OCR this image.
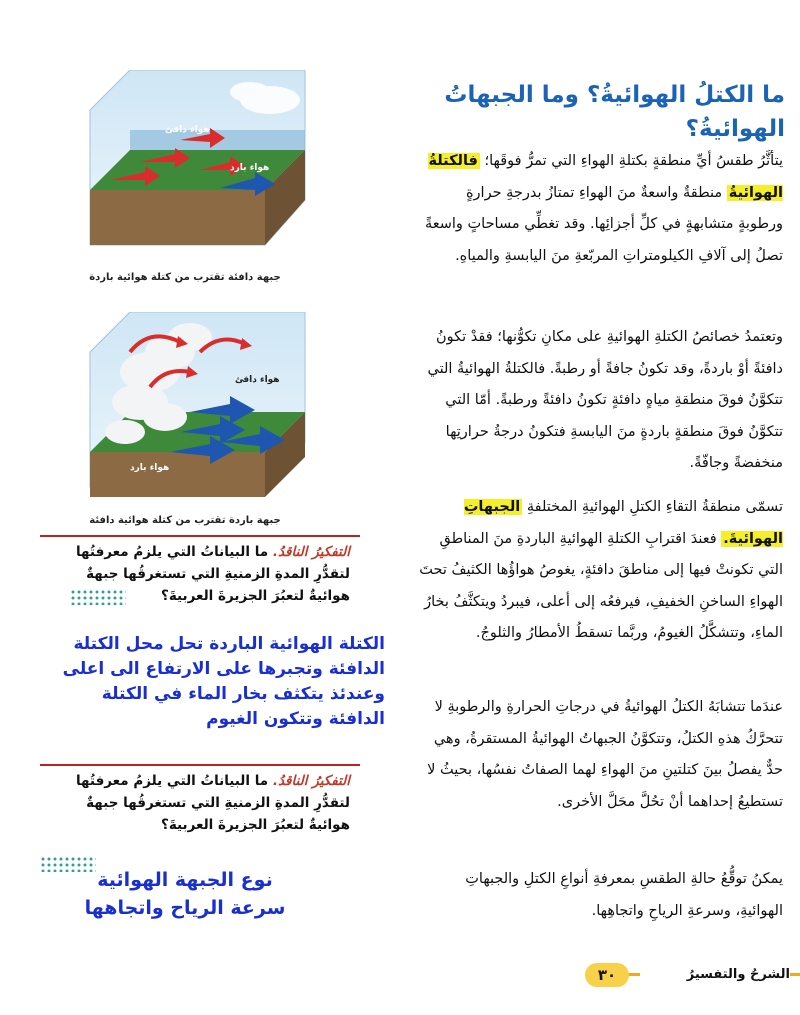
ما الكتلُ الهوائيةُ؟ وما الجبهاتُ الهوائيةُ؟
يتأثَّرُ طقسُ أيِّ منطقةٍ بكتلةِ الهواءِ التي تمرُّ فوقَها؛ فالكتلةُ الهوائيةُ منطقةٌ واسعةٌ منَ الهواءِ تمتازُ بدرجةِ حرارةٍ ورطوبةٍ متشابهةٍ في كلِّ أجزائِها. وقد تغطِّي مساحاتٍ واسعةً تصلُ إلى آلافِ الكيلومتراتِ المربّعةِ منَ اليابسةِ والمياهِ.
وتعتمدُ خصائصُ الكتلةِ الهوائيةِ على مكانِ تكوُّنها؛ فقدْ تكونُ دافئةً أوْ باردةً، وقد تكونُ جافةً أو رطبةً. فالكتلةُ الهوائيةُ التي تتكوَّنُ فوقَ منطقةِ مياهٍ دافئةٍ تكونُ دافئةً ورطبةً. أمّا التي تتكوَّنُ فوقَ منطقةٍ باردةٍ منَ اليابسةِ فتكونُ درجةُ حرارتِها منخفضةً وجافّةً.
تسمّى منطقةُ التقاءِ الكتلِ الهوائيةِ المختلفةِ الجبهاتِ الهوائيةَ. فعندَ اقترابِ الكتلةِ الهوائيةِ الباردةِ منَ المناطقِ التي تكونتْ فيها إلى مناطقَ دافئةٍ، يغوصُ هواؤُها الكثيفُ تحتَ الهواءِ الساخنِ الخفيفِ، فيرفعُه إلى أعلى، فيبردُ ويتكثَّفُ بخارُ الماءِ، وتتشكَّلُ الغيومُ، وربَّما تسقطُ الأمطارُ والثلوجُ.
عندَما تتشابَهُ الكتلُ الهوائيةُ في درجاتِ الحرارةِ والرطوبةِ لا تتحرَّكُ هذهِ الكتلُ، وتتكوَّنُ الجبهاتُ الهوائيةُ المستقرةُ، وهي حدٌّ يفصلُ بينَ كتلتينِ منَ الهواءِ لهما الصفاتُ نفسُها، بحيثُ لا تستطيعُ إحداهما أنْ تحُلَّ محَلَّ الأخرى.
يمكنُ توقُّعُ حالةِ الطقسِ بمعرفةِ أنواعِ الكتلِ والجبهاتِ الهوائيةِ، وسرعةِ الرياحِ واتجاهِها.
هواء دافئ
هواء بارد
جبهة دافئة تقترب من كتلة هوائية باردة
هواء دافئ
هواء بارد
جبهة باردة تقترب من كتلة هوائية دافئة
التفكيرُ الناقدُ. ما البياناتُ التي يلزمُ معرفتُها لتقدُّرِ المدةِ الزمنيةِ التي تستغرقُها جبهةٌ هوائيةٌ لتعبُرَ الجزيرةَ العربيةَ؟
الكتلة الهوائية الباردة تحل محل الكتلة الدافئة وتجبرها على الارتفاع الى اعلى وعندئذ يتكثف بخار الماء في الكتلة الدافئة وتتكون الغيوم
التفكيرُ الناقدُ. ما البياناتُ التي يلزمُ معرفتُها لتقدُّرِ المدةِ الزمنيةِ التي تستغرقُها جبهةٌ هوائيةٌ لتعبُرَ الجزيرةَ العربيةَ؟
نوع الجبهة الهوائية
سرعة الرياح واتجاهها
٣٠	الشرحُ والتفسيرُ
